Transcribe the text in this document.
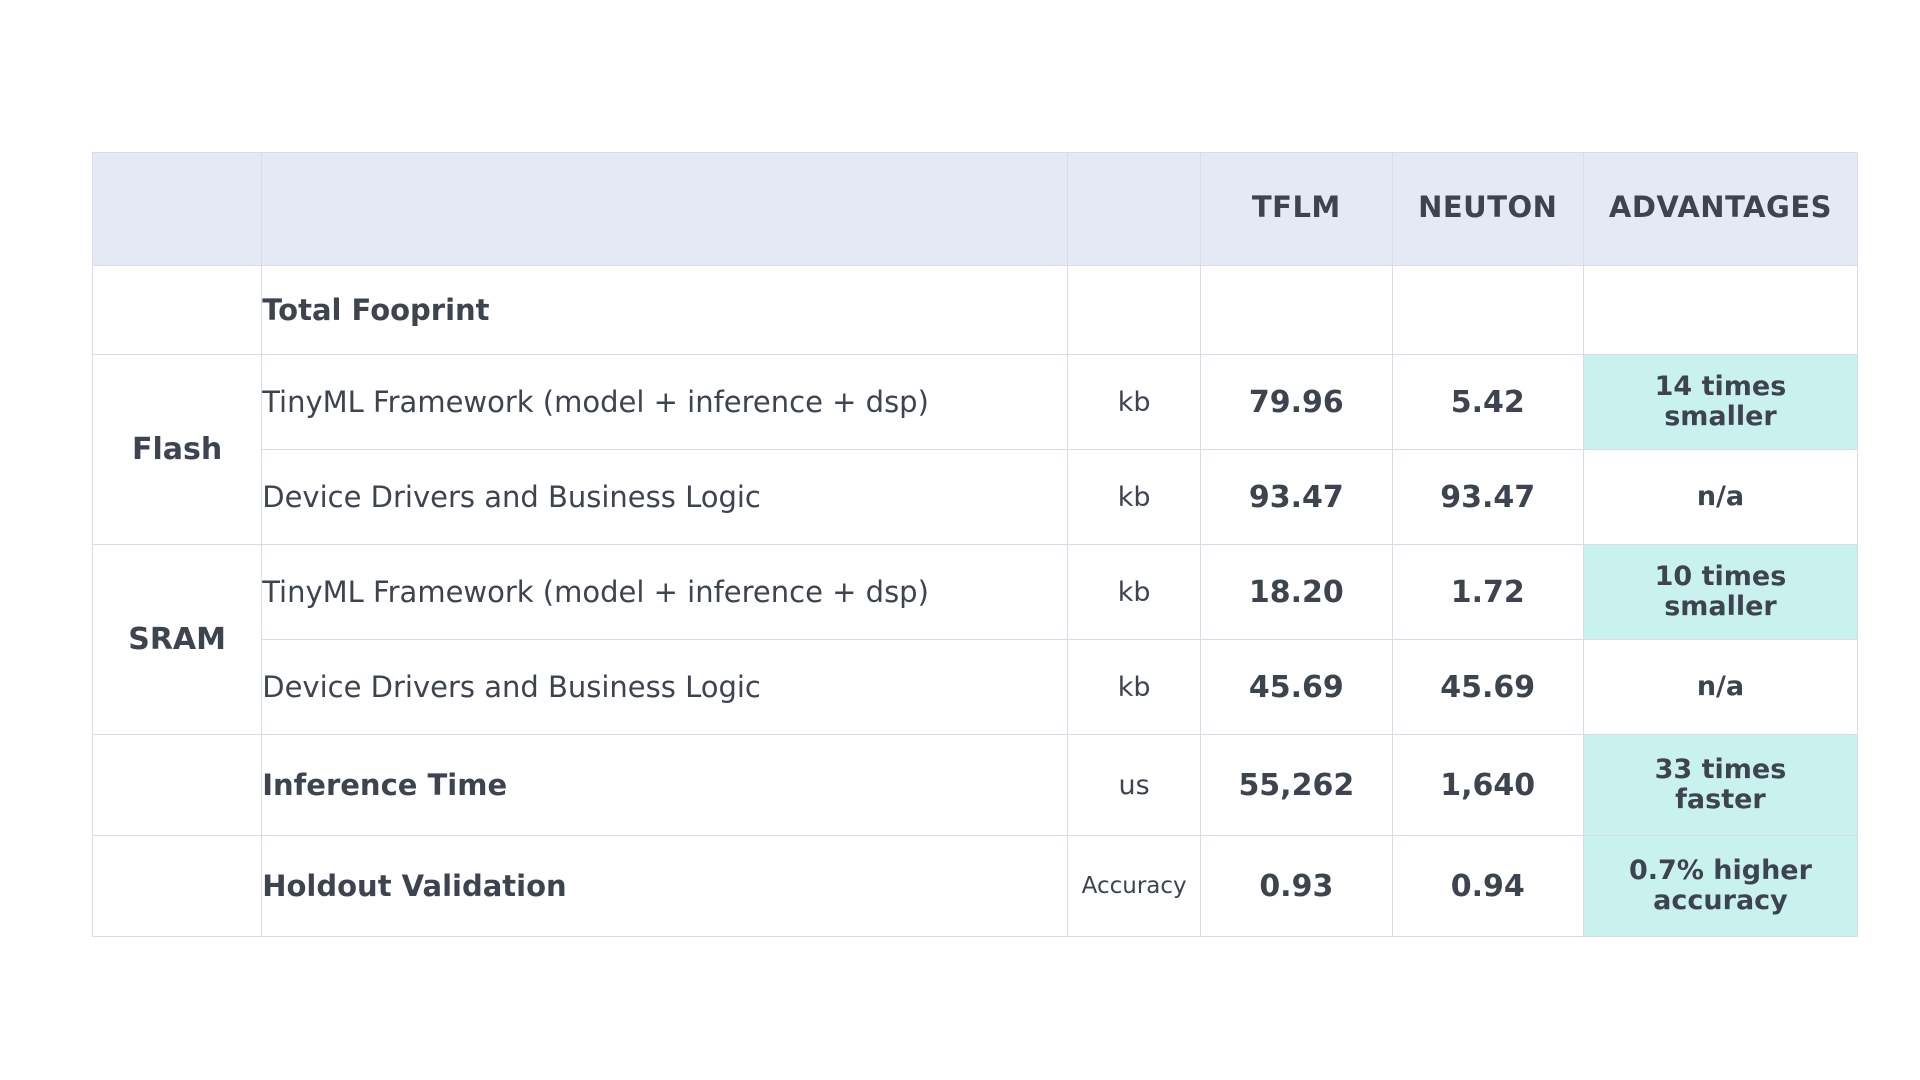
			TFLM	NEUTON	ADVANTAGES
	Total Fooprint				
Flash	TinyML Framework (model + inference + dsp)	kb	79.96	5.42	14 times
smaller

	Device Drivers and Business Logic	kb	93.47	93.47	n/a
SRAM	TinyML Framework (model + inference + dsp)	kb	18.20	1.72	10 times
smaller

	Device Drivers and Business Logic	kb	45.69	45.69	n/a
	Inference Time	us	55,262	1,640	33 times
faster

	Holdout Validation	Accuracy	0.93	0.94	0.7% higher
accuracy
